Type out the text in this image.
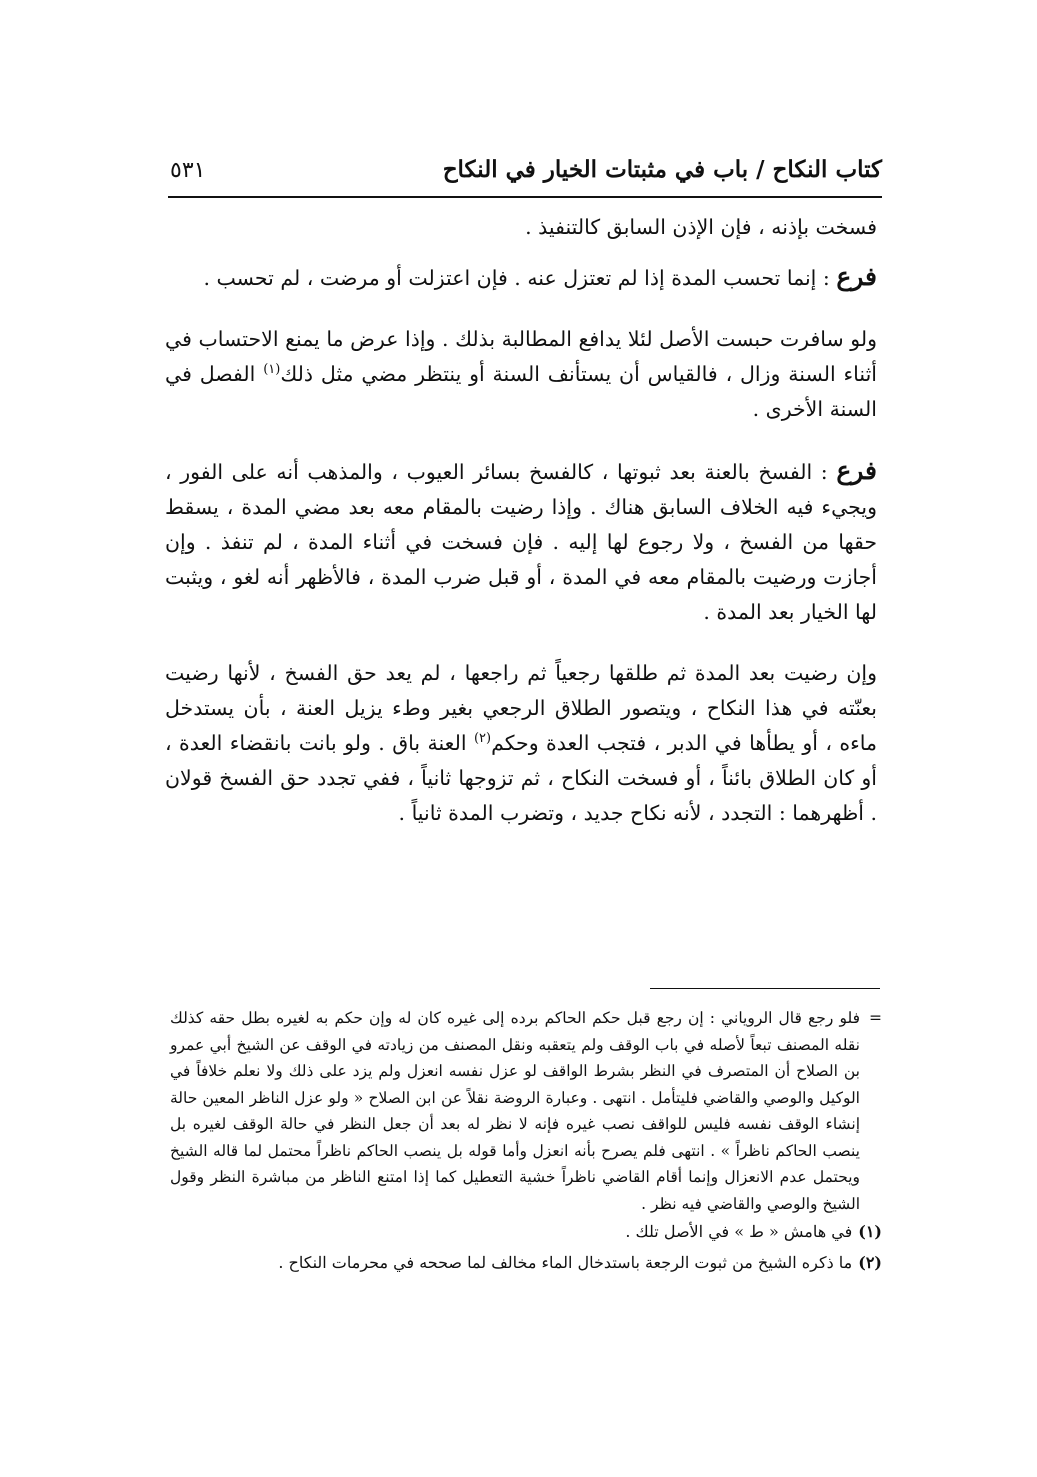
كتاب النكاح / باب في مثبتات الخيار في النكاح
٥٣١

فسخت بإذنه ، فإن الإذن السابق كالتنفيذ .

فرع : إنما تحسب المدة إذا لم تعتزل عنه . فإن اعتزلت أو مرضت ، لم تحسب .

ولو سافرت حبست الأصل لئلا يدافع المطالبة بذلك . وإذا عرض ما يمنع الاحتساب في أثناء السنة وزال ، فالقياس أن يستأنف السنة أو ينتظر مضي مثل ذلك$^{(١)}$ الفصل في السنة الأخرى .

فرع : الفسخ بالعنة بعد ثبوتها ، كالفسخ بسائر العيوب ، والمذهب أنه على الفور ، ويجيء فيه الخلاف السابق هناك . وإذا رضيت بالمقام معه بعد مضي المدة ، يسقط حقها من الفسخ ، ولا رجوع لها إليه . فإن فسخت في أثناء المدة ، لم تنفذ . وإن أجازت ورضيت بالمقام معه في المدة ، أو قبل ضرب المدة ، فالأظهر أنه لغو ، ويثبت لها الخيار بعد المدة .

وإن رضيت بعد المدة ثم طلقها رجعياً ثم راجعها ، لم يعد حق الفسخ ، لأنها رضيت بعنّته في هذا النكاح ، ويتصور الطلاق الرجعي بغير وطء يزيل العنة ، بأن يستدخل ماءه ، أو يطأها في الدبر ، فتجب العدة وحكم$^{(٢)}$ العنة باق . ولو بانت بانقضاء العدة ، أو كان الطلاق بائناً ، أو فسخت النكاح ، ثم تزوجها ثانياً ، ففي تجدد حق الفسخ قولان . أظهرهما : التجدد ، لأنه نكاح جديد ، وتضرب المدة ثانياً .

=
فلو رجع قال الروياني : إن رجع قبل حكم الحاكم برده إلى غيره كان له وإن حكم به لغيره بطل حقه كذلك نقله المصنف تبعاً لأصله في باب الوقف ولم يتعقبه ونقل المصنف من زيادته في الوقف عن الشيخ أبي عمرو بن الصلاح أن المتصرف في النظر بشرط الواقف لو عزل نفسه انعزل ولم يزد على ذلك ولا نعلم خلافاً في الوكيل والوصي والقاضي فليتأمل . انتهى . وعبارة الروضة نقلاً عن ابن الصلاح « ولو عزل الناظر المعين حالة إنشاء الوقف نفسه فليس للواقف نصب غيره فإنه لا نظر له بعد أن جعل النظر في حالة الوقف لغيره بل ينصب الحاكم ناظراً » . انتهى فلم يصرح بأنه انعزل وأما قوله بل ينصب الحاكم ناظراً محتمل لما قاله الشيخ ويحتمل عدم الانعزال وإنما أقام القاضي ناظراً خشية التعطيل كما إذا امتنع الناظر من مباشرة النظر وقول الشيخ والوصي والقاضي فيه نظر .

(١)في هامش « ط » في الأصل تلك .

(٢)ما ذكره الشيخ من ثبوت الرجعة باستدخال الماء مخالف لما صححه في محرمات النكاح .
